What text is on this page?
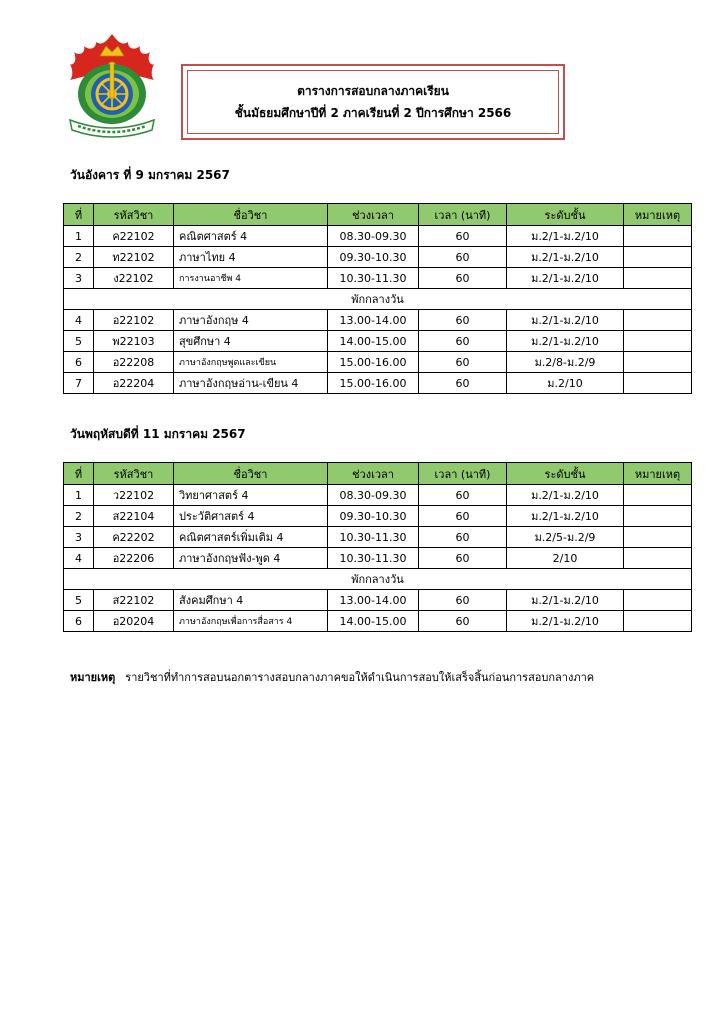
ตารางการสอบกลางภาคเรียน
ชั้นมัธยมศึกษาปีที่ 2 ภาคเรียนที่ 2 ปีการศึกษา 2566
วันอังคาร ที่ 9 มกราคม 2567
ที่	รหัสวิชา	ชื่อวิชา	ช่วงเวลา	เวลา (นาที)	ระดับชั้น	หมายเหตุ
1	ค22102	คณิตศาสตร์ 4	08.30-09.30	60	ม.2/1-ม.2/10	
2	ท22102	ภาษาไทย 4	09.30-10.30	60	ม.2/1-ม.2/10	
3	ง22102	การงานอาชีพ 4	10.30-11.30	60	ม.2/1-ม.2/10	
พักกลางวัน						
4	อ22102	ภาษาอังกฤษ 4	13.00-14.00	60	ม.2/1-ม.2/10	
5	พ22103	สุขศึกษา 4	14.00-15.00	60	ม.2/1-ม.2/10	
6	อ22208	ภาษาอังกฤษพูดและเขียน	15.00-16.00	60	ม.2/8-ม.2/9	
7	อ22204	ภาษาอังกฤษอ่าน-เขียน 4	15.00-16.00	60	ม.2/10	
วันพฤหัสบดีที่ 11 มกราคม 2567
ที่	รหัสวิชา	ชื่อวิชา	ช่วงเวลา	เวลา (นาที)	ระดับชั้น	หมายเหตุ
1	ว22102	วิทยาศาสตร์ 4	08.30-09.30	60	ม.2/1-ม.2/10	
2	ส22104	ประวัติศาสตร์ 4	09.30-10.30	60	ม.2/1-ม.2/10	
3	ค22202	คณิตศาสตร์เพิ่มเติม 4	10.30-11.30	60	ม.2/5-ม.2/9	
4	อ22206	ภาษาอังกฤษฟัง-พูด 4	10.30-11.30	60	2/10	
พักกลางวัน						
5	ส22102	สังคมศึกษา 4	13.00-14.00	60	ม.2/1-ม.2/10	
6	อ20204	ภาษาอังกฤษเพื่อการสื่อสาร 4	14.00-15.00	60	ม.2/1-ม.2/10	
หมายเหตุ รายวิชาที่ทำการสอบนอกตารางสอบกลางภาคขอให้ดำเนินการสอบให้เสร็จสิ้นก่อนการสอบกลางภาค
